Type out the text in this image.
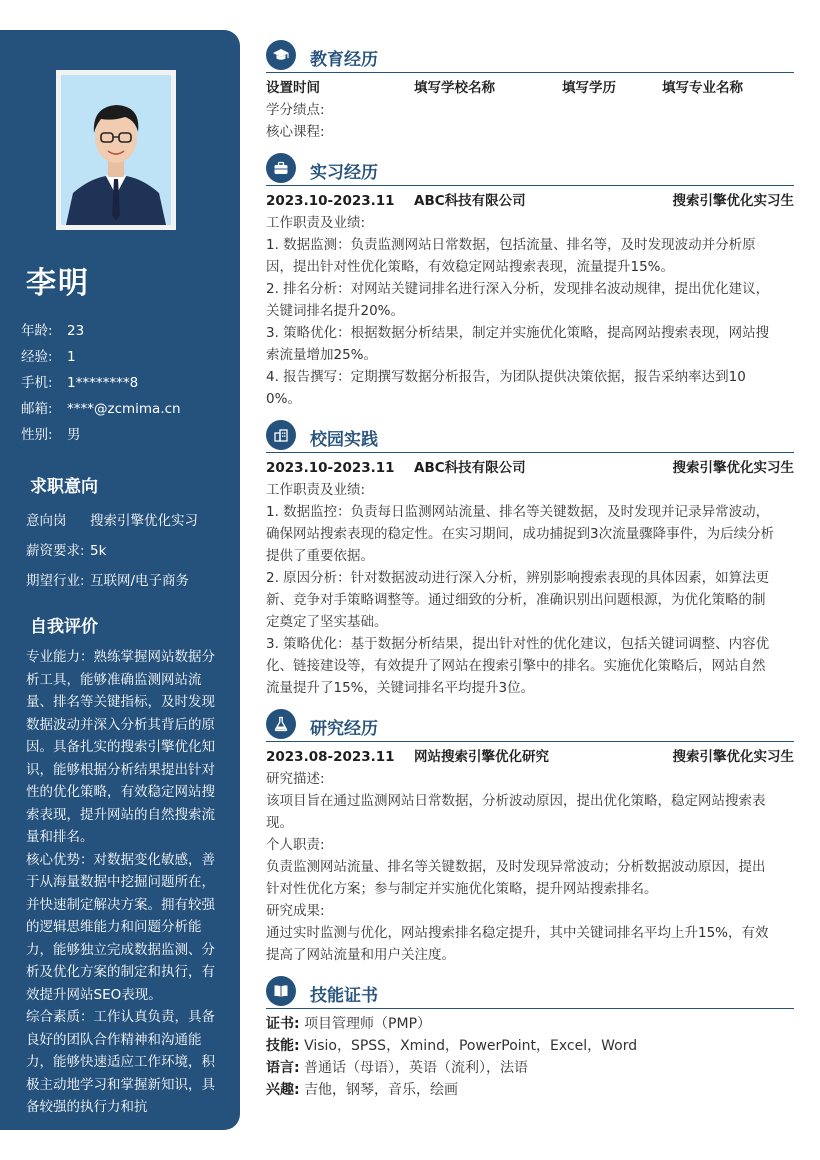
李明
年龄:	23
经验:	1
手机:	1********8
邮箱:	****@zcmima.cn
性别:	男
求职意向
意向岗	搜索引擎优化实习
薪资要求: 5k
期望行业: 互联网/电子商务
自我评价

专业能力：熟练掌握网站数据分析工具，能够准确监测网站流量、排名等关键指标，及时发现数据波动并深入分析其背后的原因。具备扎实的搜索引擎优化知识，能够根据分析结果提出针对性的优化策略，有效稳定网站搜索表现，提升网站的自然搜索流量和排名。

核心优势：对数据变化敏感，善于从海量数据中挖掘问题所在，并快速制定解决方案。拥有较强的逻辑思维能力和问题分析能力，能够独立完成数据监测、分析及优化方案的制定和执行，有效提升网站SEO表现。

综合素质：工作认真负责，具备良好的团队合作精神和沟通能力，能够快速适应工作环境，积极主动地学习和掌握新知识，具备较强的执行力和抗

教育经历
设置时间	填写学校名称	填写学历	填写专业名称
学分绩点:
核心课程:
实习经历
2023.10-2023.11	ABC科技有限公司	搜索引擎优化实习生
工作职责及业绩:
1. 数据监测：负责监测网站日常数据，包括流量、排名等，及时发现波动并分析原
因，提出针对性优化策略，有效稳定网站搜索表现，流量提升15%。
2. 排名分析：对网站关键词排名进行深入分析，发现排名波动规律，提出优化建议，
关键词排名提升20%。
3. 策略优化：根据数据分析结果，制定并实施优化策略，提高网站搜索表现，网站搜
索流量增加25%。
4. 报告撰写：定期撰写数据分析报告，为团队提供决策依据，报告采纳率达到10
0%。
校园实践
2023.10-2023.11	ABC科技有限公司	搜索引擎优化实习生
工作职责及业绩:
1. 数据监控：负责每日监测网站流量、排名等关键数据，及时发现并记录异常波动，
确保网站搜索表现的稳定性。在实习期间，成功捕捉到3次流量骤降事件，为后续分析
提供了重要依据。
2. 原因分析：针对数据波动进行深入分析，辨别影响搜索表现的具体因素，如算法更
新、竞争对手策略调整等。通过细致的分析，准确识别出问题根源，为优化策略的制
定奠定了坚实基础。
3. 策略优化：基于数据分析结果，提出针对性的优化建议，包括关键词调整、内容优
化、链接建设等，有效提升了网站在搜索引擎中的排名。实施优化策略后，网站自然
流量提升了15%，关键词排名平均提升3位。
研究经历
2023.08-2023.11	网站搜索引擎优化研究	搜索引擎优化实习生
研究描述:
该项目旨在通过监测网站日常数据，分析波动原因，提出优化策略，稳定网站搜索表
现。
个人职责:
负责监测网站流量、排名等关键数据，及时发现异常波动；分析数据波动原因，提出
针对性优化方案；参与制定并实施优化策略，提升网站搜索排名。
研究成果:
通过实时监测与优化，网站搜索排名稳定提升，其中关键词排名平均上升15%，有效
提高了网站流量和用户关注度。
技能证书
证书: 项目管理师（PMP）
技能: Visio，SPSS，Xmind，PowerPoint，Excel，Word
语言: 普通话（母语），英语（流利），法语
兴趣: 吉他，钢琴，音乐，绘画
